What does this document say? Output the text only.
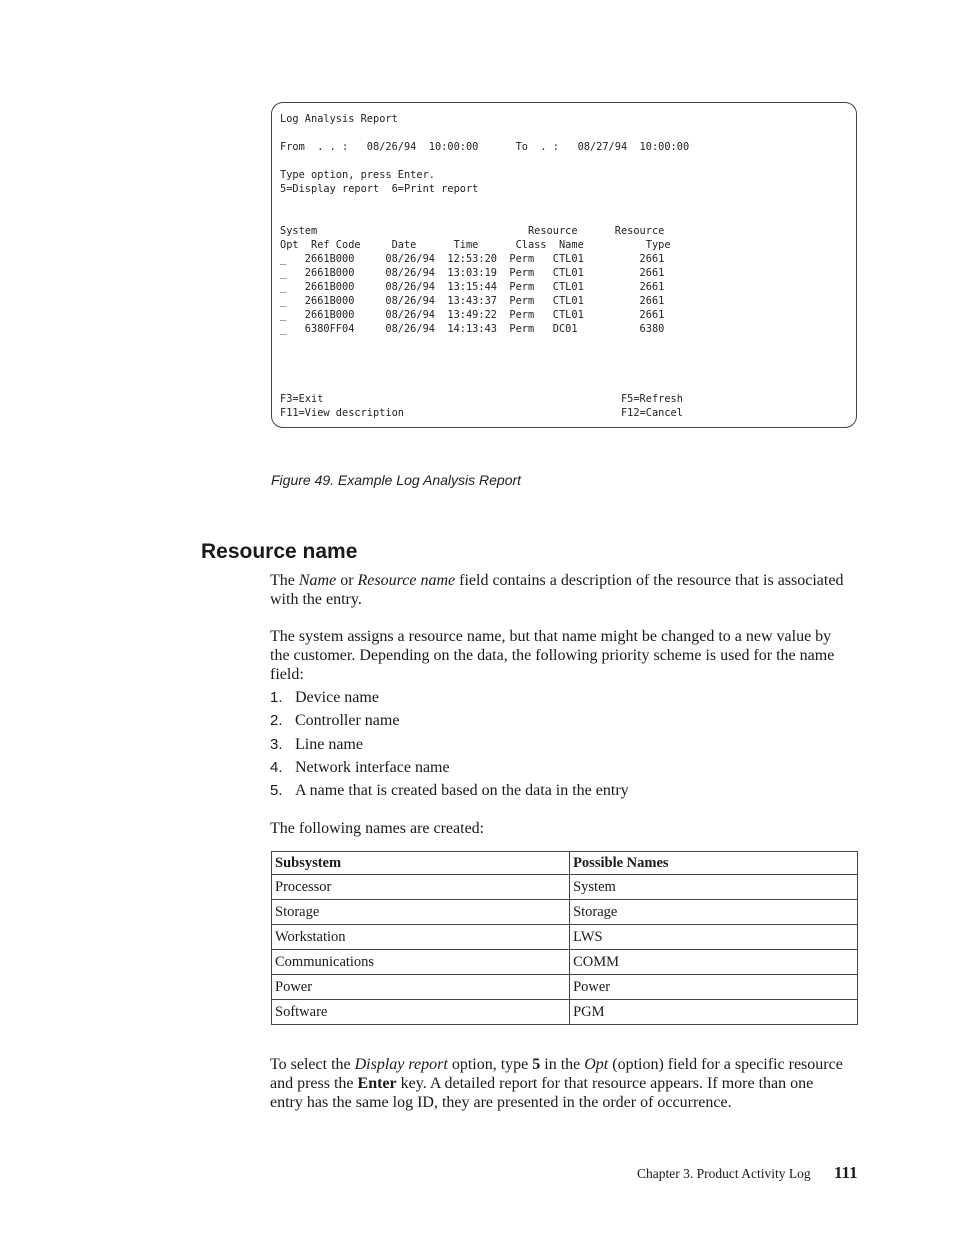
Log Analysis Report
From  . . :   08/26/94  10:00:00      To  . :   08/27/94  10:00:00
Type option, press Enter.
5=Display report  6=Print report
System                                  Resource      Resource
Opt  Ref Code     Date      Time      Class  Name          Type
_   2661B000     08/26/94  12:53:20  Perm   CTL01         2661
_   2661B000     08/26/94  13:03:19  Perm   CTL01         2661
_   2661B000     08/26/94  13:15:44  Perm   CTL01         2661
_   2661B000     08/26/94  13:43:37  Perm   CTL01         2661
_   2661B000     08/26/94  13:49:22  Perm   CTL01         2661
_   6380FF04     08/26/94  14:13:43  Perm   DC01          6380
F3=Exit                                                F5=Refresh
F11=View description                                   F12=Cancel
Figure 49. Example Log Analysis Report
Resource name

The Name or Resource name field contains a description of the resource that is associated with the entry.

The system assigns a resource name, but that name might be changed to a new value by the customer. Depending on the data, the following priority scheme is used for the name field:

1. Device name
2. Controller name
3. Line name
4. Network interface name
5. A name that is created based on the data in the entry

The following names are created:

Subsystem	Possible Names
Processor	System
Storage	Storage
Workstation	LWS
Communications	COMM
Power	Power
Software	PGM

To select the Display report option, type 5 in the Opt (option) field for a specific resource and press the Enter key. A detailed report for that resource appears. If more than one entry has the same log ID, they are presented in the order of occurrence.

Chapter 3. Product Activity Log 111
